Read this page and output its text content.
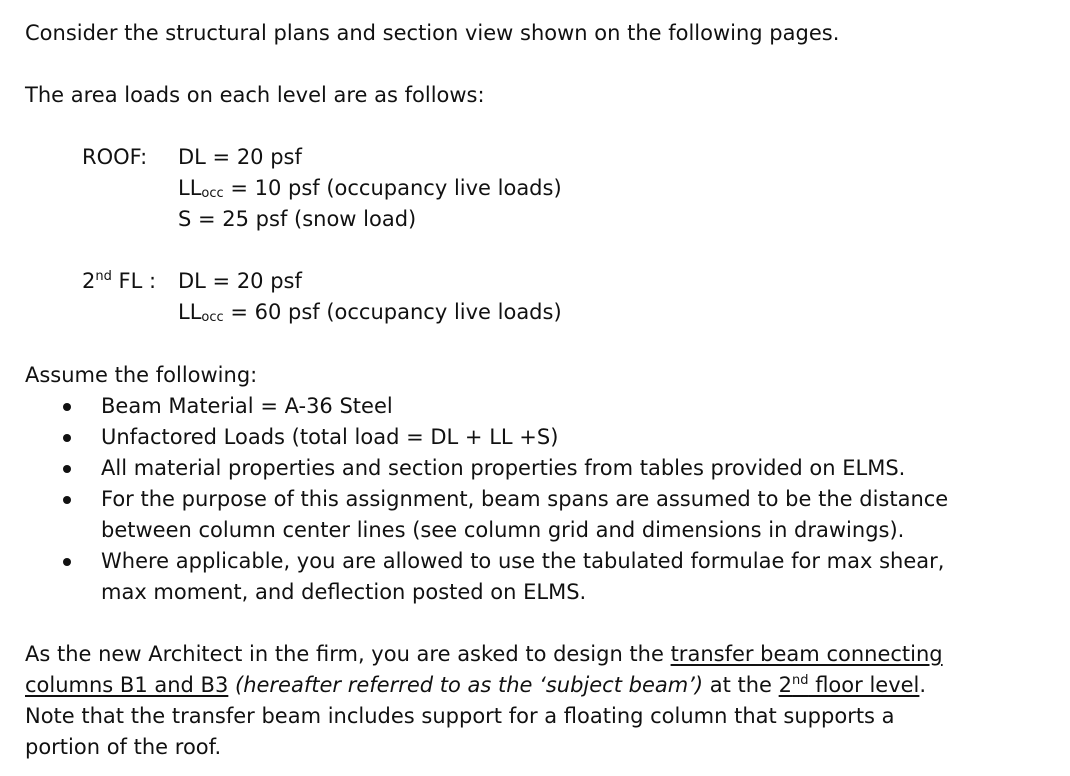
Consider the structural plans and section view shown on the following pages.
The area loads on each level are as follows:
ROOF: DL = 20 psf
$LL_{occ} = 10$ psf (occupancy live loads)
S = 25 psf (snow load)
2nd FL : DL = 20 psf
$LL_{occ} = 60$ psf (occupancy live loads)
Assume the following:
Beam Material = A-36 Steel
Unfactored Loads (total load = DL + LL +S)
All material properties and section properties from tables provided on ELMS.
For the purpose of this assignment, beam spans are assumed to be the distance
between column center lines (see column grid and dimensions in drawings).
Where applicable, you are allowed to use the tabulated formulae for max shear,
max moment, and deflection posted on ELMS.
As the new Architect in the firm, you are asked to design the transfer beam connecting
columns B1 and B3 (hereafter referred to as the ‘subject beam’) at the 2nd floor level.
Note that the transfer beam includes support for a floating column that supports a
portion of the roof.
